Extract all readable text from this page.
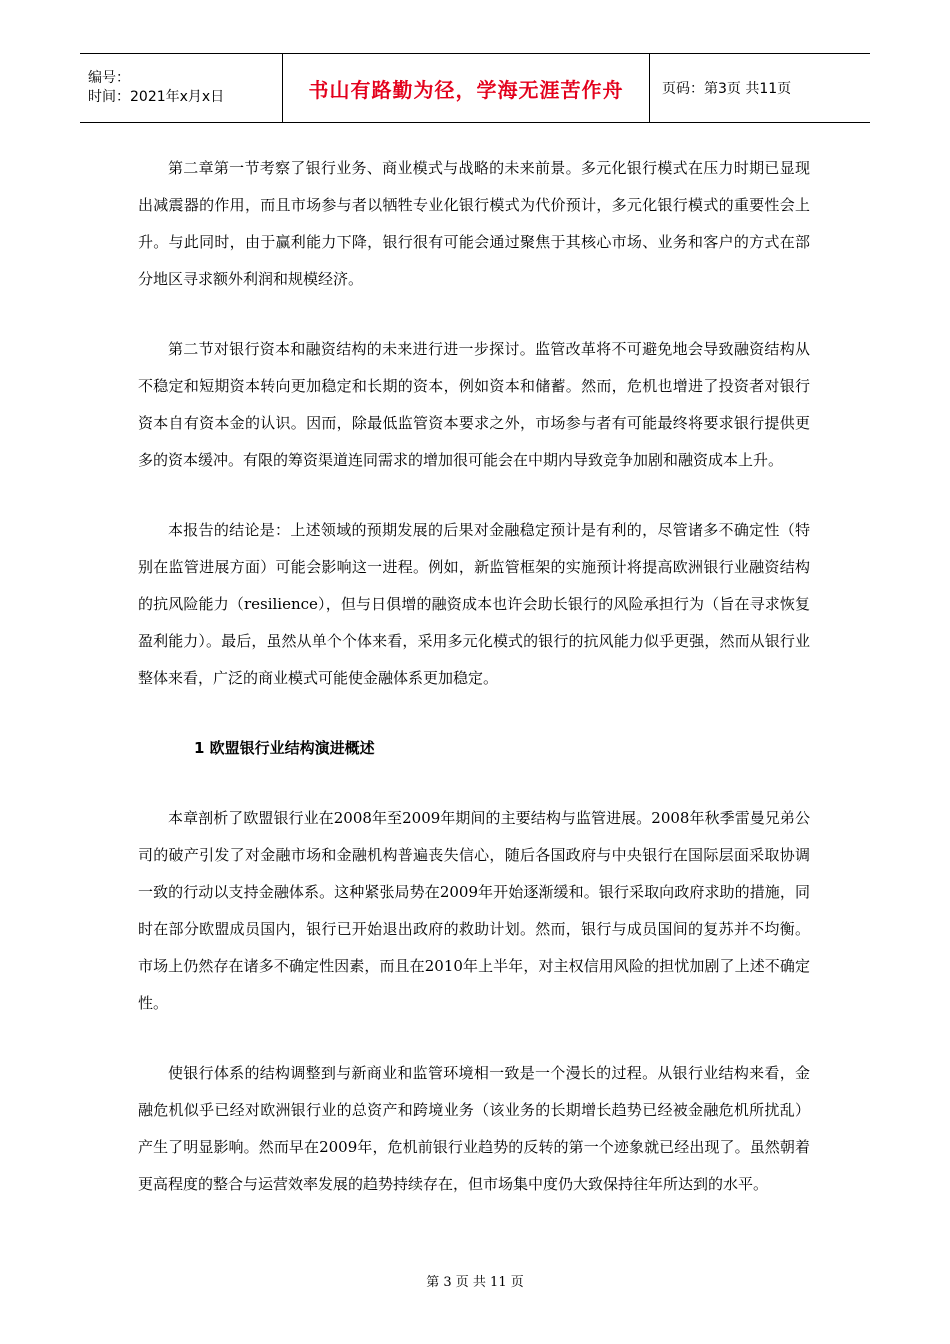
编号：
时间：2021年x月x日	书山有路勤为径，学海无涯苦作舟	页码：第3页 共11页

第二章第一节考察了银行业务、商业模式与战略的未来前景。多元化银行模式在压力时期已显现出减震器的作用，而且市场参与者以牺牲专业化银行模式为代价预计，多元化银行模式的重要性会上升。与此同时，由于赢利能力下降，银行很有可能会通过聚焦于其核心市场、业务和客户的方式在部分地区寻求额外利润和规模经济。

第二节对银行资本和融资结构的未来进行进一步探讨。监管改革将不可避免地会导致融资结构从不稳定和短期资本转向更加稳定和长期的资本，例如资本和储蓄。然而，危机也增进了投资者对银行资本自有资本金的认识。因而，除最低监管资本要求之外，市场参与者有可能最终将要求银行提供更多的资本缓冲。有限的筹资渠道连同需求的增加很可能会在中期内导致竞争加剧和融资成本上升。

本报告的结论是：上述领域的预期发展的后果对金融稳定预计是有利的，尽管诸多不确定性（特别在监管进展方面）可能会影响这一进程。例如，新监管框架的实施预计将提高欧洲银行业融资结构的抗风险能力（resilience），但与日俱增的融资成本也许会助长银行的风险承担行为（旨在寻求恢复盈利能力）。最后，虽然从单个个体来看，采用多元化模式的银行的抗风能力似乎更强，然而从银行业整体来看，广泛的商业模式可能使金融体系更加稳定。

1 欧盟银行业结构演进概述

本章剖析了欧盟银行业在2008年至2009年期间的主要结构与监管进展。2008年秋季雷曼兄弟公司的破产引发了对金融市场和金融机构普遍丧失信心，随后各国政府与中央银行在国际层面采取协调一致的行动以支持金融体系。这种紧张局势在2009年开始逐渐缓和。银行采取向政府求助的措施，同时在部分欧盟成员国内，银行已开始退出政府的救助计划。然而，银行与成员国间的复苏并不均衡。市场上仍然存在诸多不确定性因素，而且在2010年上半年，对主权信用风险的担忧加剧了上述不确定性。

使银行体系的结构调整到与新商业和监管环境相一致是一个漫长的过程。从银行业结构来看，金融危机似乎已经对欧洲银行业的总资产和跨境业务（该业务的长期增长趋势已经被金融危机所扰乱）产生了明显影响。然而早在2009年，危机前银行业趋势的反转的第一个迹象就已经出现了。虽然朝着更高程度的整合与运营效率发展的趋势持续存在，但市场集中度仍大致保持往年所达到的水平。

第 3 页 共 11 页
